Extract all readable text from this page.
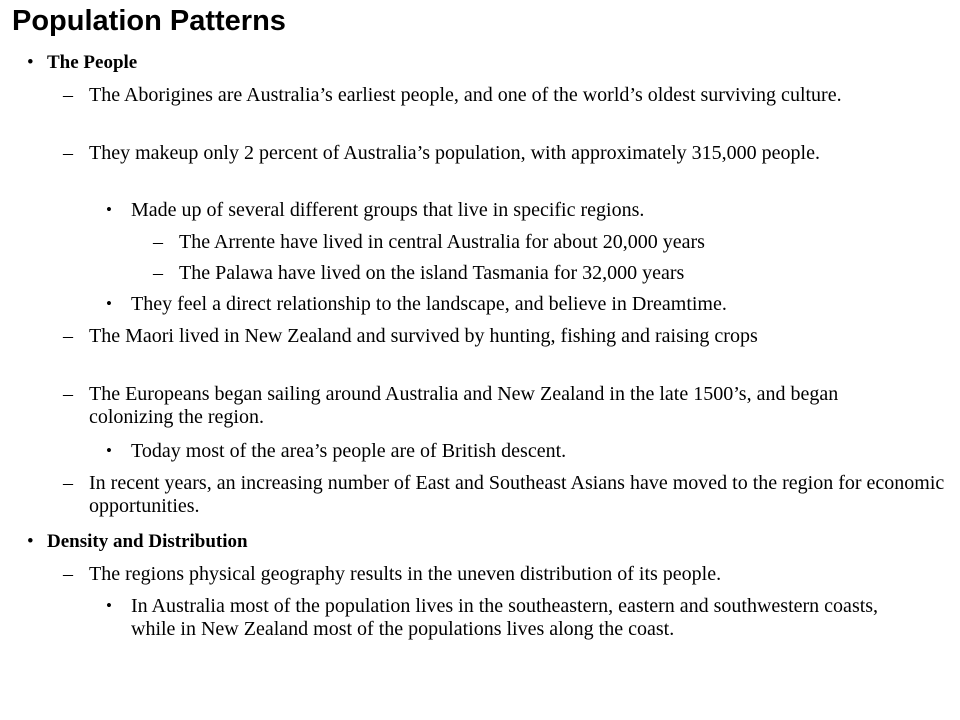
Population Patterns
• The People
– The Aborigines are Australia’s earliest people, and one of the world’s oldest surviving culture.
– They makeup only 2 percent of Australia’s population, with approximately 315,000 people.
• Made up of several different groups that live in specific regions.
– The Arrente have lived in central Australia for about 20,000 years
– The Palawa have lived on the island Tasmania for 32,000 years
• They feel a direct relationship to the landscape, and believe in Dreamtime.
– The Maori lived in New Zealand and survived by hunting, fishing and raising crops
– The Europeans began sailing around Australia and New Zealand in the late 1500’s, and began colonizing the region.
• Today most of the area’s people are of British descent.
– In recent years, an increasing number of East and Southeast Asians have moved to the region for economic opportunities.
• Density and Distribution
– The regions physical geography results in the uneven distribution of its people.
• In Australia most of the population lives in the southeastern, eastern and southwestern coasts, while in New Zealand most of the populations lives along the coast.
